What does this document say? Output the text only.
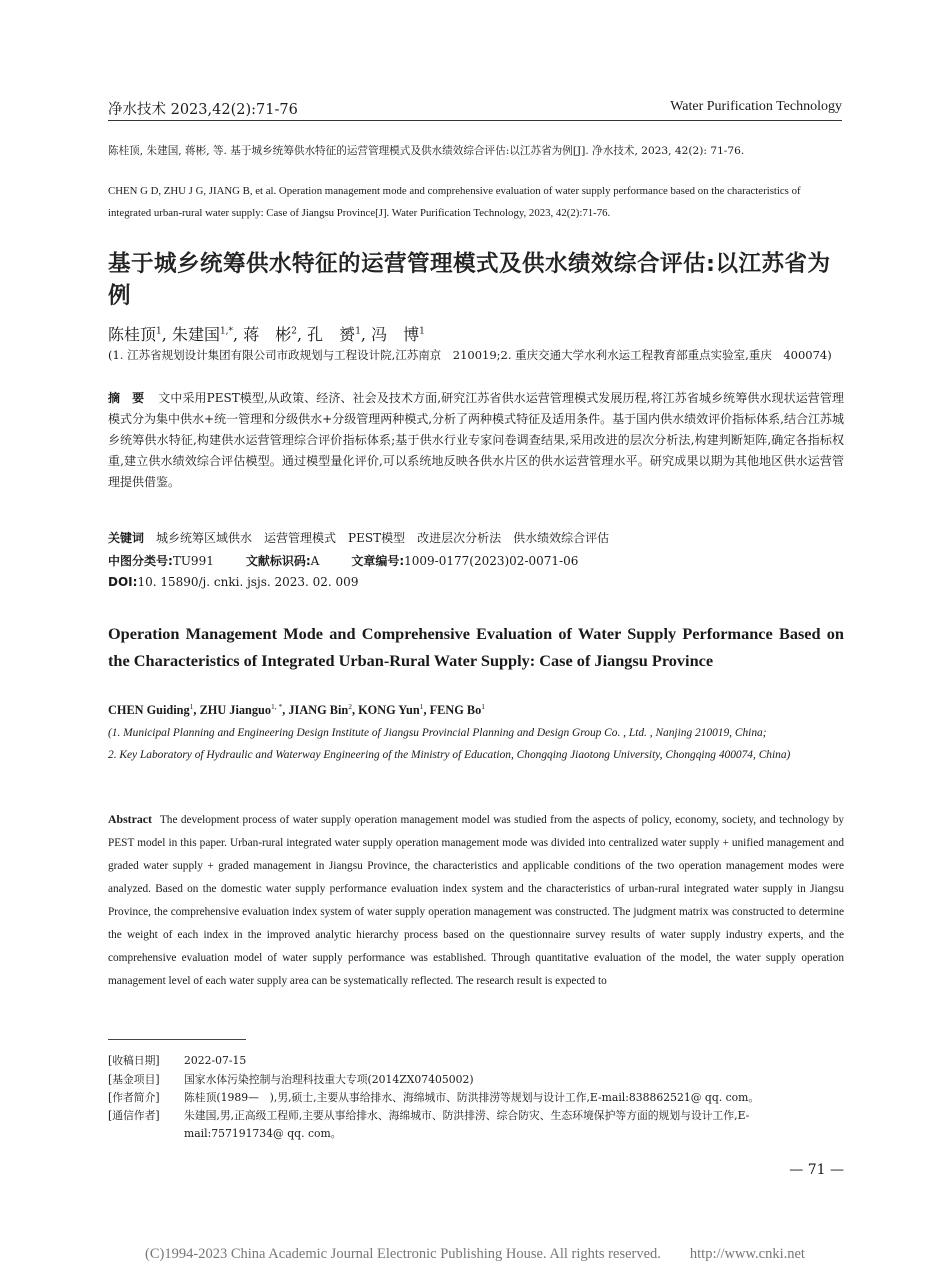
净水技术 2023,42(2):71-76	Water Purification Technology
陈桂顶, 朱建国, 蒋彬, 等. 基于城乡统筹供水特征的运营管理模式及供水绩效综合评估:以江苏省为例[J]. 净水技术, 2023, 42(2): 71-76.
CHEN G D, ZHU J G, JIANG B, et al. Operation management mode and comprehensive evaluation of water supply performance based on the characteristics of integrated urban-rural water supply: Case of Jiangsu Province[J]. Water Purification Technology, 2023, 42(2):71-76.
基于城乡统筹供水特征的运营管理模式及供水绩效综合评估:以江苏省为例
陈桂顶$^1$, 朱建国$^{1,*}$, 蒋　彬$^2$, 孔　赟$^1$, 冯　博$^1$
(1. 江苏省规划设计集团有限公司市政规划与工程设计院,江苏南京　210019;2. 重庆交通大学水利水运工程教育部重点实验室,重庆　400074)
摘　要 文中采用PEST模型,从政策、经济、社会及技术方面,研究江苏省供水运营管理模式发展历程,将江苏省城乡统筹供水现状运营管理模式分为集中供水+统一管理和分级供水+分级管理两种模式,分析了两种模式特征及适用条件。基于国内供水绩效评价指标体系,结合江苏城乡统筹供水特征,构建供水运营管理综合评价指标体系;基于供水行业专家问卷调查结果,采用改进的层次分析法,构建判断矩阵,确定各指标权重,建立供水绩效综合评估模型。通过模型量化评价,可以系统地反映各供水片区的供水运营管理水平。研究成果以期为其他地区供水运营管理提供借鉴。
关键词 城乡统筹区域供水　运营管理模式　PEST模型　改进层次分析法　供水绩效综合评估
中图分类号:TU991	文献标识码:A	文章编号:1009-0177(2023)02-0071-06
DOI:10. 15890/j. cnki. jsjs. 2023. 02. 009
Operation Management Mode and Comprehensive Evaluation of Water Supply Performance Based on the Characteristics of Integrated Urban-Rural Water Supply: Case of Jiangsu Province
CHEN Guiding$^1$, ZHU Jianguo$^{1, *}$, JIANG Bin$^2$, KONG Yun$^1$, FENG Bo$^1$
(1. Municipal Planning and Engineering Design Institute of Jiangsu Provincial Planning and Design Group Co. , Ltd. , Nanjing 210019, China;
2. Key Laboratory of Hydraulic and Waterway Engineering of the Ministry of Education, Chongqing Jiaotong University, Chongqing 400074, China)
Abstract The development process of water supply operation management model was studied from the aspects of policy, economy, society, and technology by PEST model in this paper. Urban-rural integrated water supply operation management mode was divided into centralized water supply + unified management and graded water supply + graded management in Jiangsu Province, the characteristics and applicable conditions of the two operation management modes were analyzed. Based on the domestic water supply performance evaluation index system and the characteristics of urban-rural integrated water supply in Jiangsu Province, the comprehensive evaluation index system of water supply operation management was constructed. The judgment matrix was constructed to determine the weight of each index in the improved analytic hierarchy process based on the questionnaire survey results of water supply industry experts, and the comprehensive evaluation model of water supply performance was established. Through quantitative evaluation of the model, the water supply operation management level of each water supply area can be systematically reflected. The research result is expected to
[收稿日期] 2022-07-15
[基金项目] 国家水体污染控制与治理科技重大专项(2014ZX07405002)
[作者简介] 陈桂顶(1989—　),男,硕士,主要从事给排水、海绵城市、防洪排涝等规划与设计工作,E-mail:838862521@ qq. com。
[通信作者] 朱建国,男,正高级工程师,主要从事给排水、海绵城市、防洪排涝、综合防灾、生态环境保护等方面的规划与设计工作,E-mail:757191734@ qq. com。
— 71 —
(C)1994-2023 China Academic Journal Electronic Publishing House. All rights reserved.　　http://www.cnki.net
